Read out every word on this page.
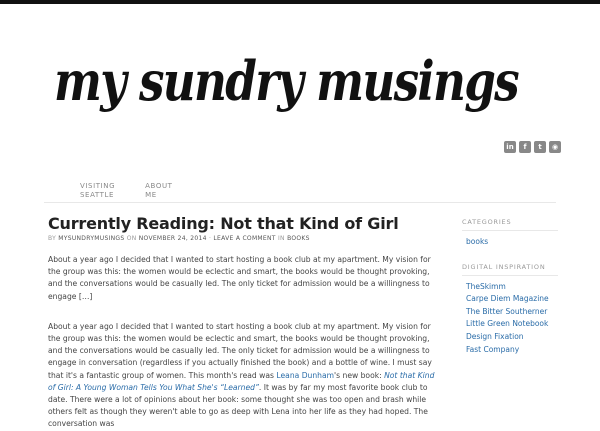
my sundry musings
in	f	t	◉
VISITING
SEATTLE
ABOUT
ME
Currently Reading: Not that Kind of Girl
BY MYSUNDRYMUSINGS ON NOVEMBER 24, 2014 · LEAVE A COMMENT IN BOOKS

About a year ago I decided that I wanted to start hosting a book club at my apartment. My vision for the group was this: the women would be eclectic and smart, the books would be thought provoking, and the conversations would be casually led. The only ticket for admission would be a willingness to engage […]

About a year ago I decided that I wanted to start hosting a book club at my apartment. My vision for the group was this: the women would be eclectic and smart, the books would be thought provoking, and the conversations would be casually led. The only ticket for admission would be a willingness to engage in conversation (regardless if you actually finished the book) and a bottle of wine. I must say that it's a fantastic group of women. This month's read was Leana Dunham's new book: Not that Kind of Girl: A Young Woman Tells You What She's “Learned”. It was by far my most favorite book club to date. There were a lot of opinions about her book: some thought she was too open and brash while others felt as though they weren't able to go as deep with Lena into her life as they had hoped. The conversation was

CATEGORIES
books
DIGITAL INSPIRATION
TheSkimm
Carpe Diem Magazine
The Bitter Southerner
Little Green Notebook
Design Fixation
Fast Company
